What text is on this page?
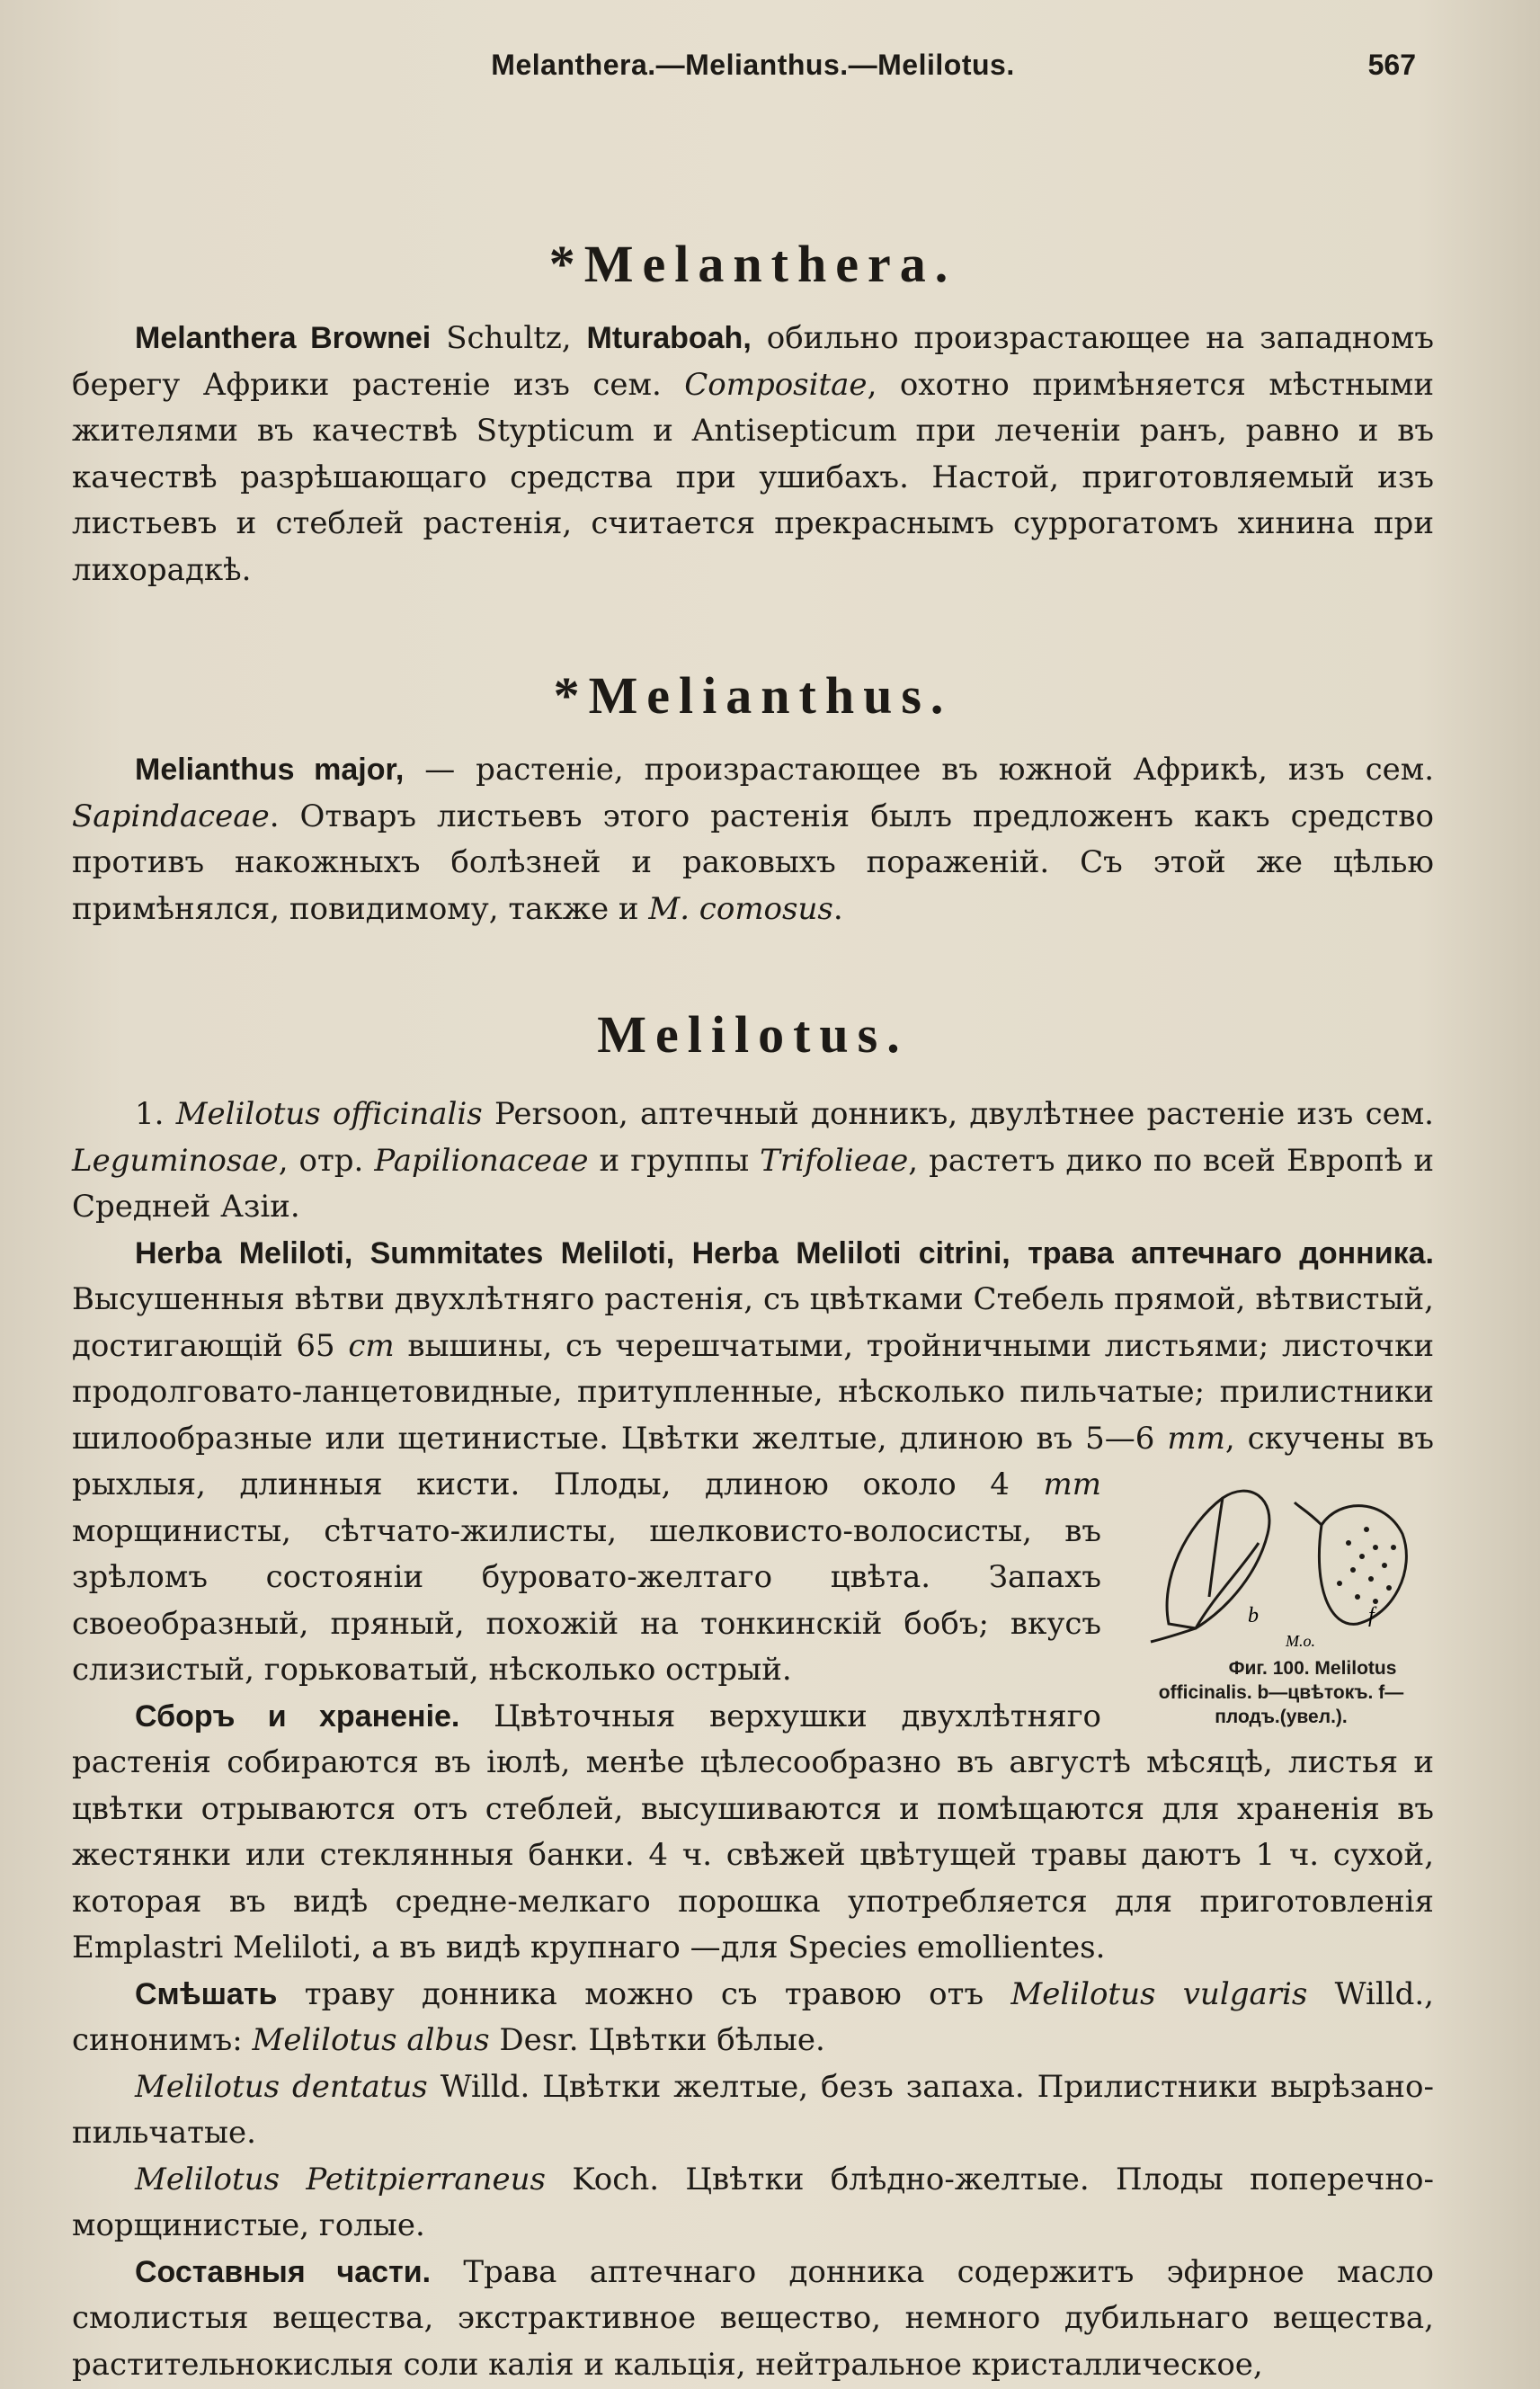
Melanthera.—Melianthus.—Melilotus.	567
*Melanthera.

Melanthera Brownei Schultz, Mturaboah, обильно произрастающее на западномъ берегу Африки растеніе изъ сем. Compositae, охотно примѣняется мѣстными жителями въ качествѣ Stypticum и Antisepticum при леченіи ранъ, равно и въ качествѣ разрѣшающаго средства при ушибахъ. Настой, приготовляемый изъ листьевъ и стеблей растенія, считается прекраснымъ суррогатомъ хинина при лихорадкѣ.

*Melianthus.

Melianthus major, — растеніе, произрастающее въ южной Африкѣ, изъ сем. Sapindaceae. Отваръ листьевъ этого растенія былъ предложенъ какъ средство противъ накожныхъ болѣзней и раковыхъ пораженій. Съ этой же цѣлью примѣнялся, повидимому, также и M. comosus.

Melilotus.

1. Melilotus officinalis Persoon, аптечный донникъ, двулѣтнее растеніе изъ сем. Leguminosae, отр. Papilionaceae и группы Trifolieae, растетъ дико по всей Европѣ и Средней Азіи.

Herba Meliloti, Summitates Meliloti, Herba Meliloti citrini, трава аптечнаго донника. Высушенныя вѣтви двухлѣтняго растенія, съ цвѣтками Стебель прямой, вѣтвистый, достигающій 65 cm вышины, съ черешчатыми, тройничными листьями; листочки продолговато-ланцетовидные, притупленные, нѣсколько пильчатые; прилистники шилообразные или щетинистые. Цвѣтки желтые, длиною въ 5—6
b	f
M.o.
Фиг. 100. Melilotus officinalis. b—цвѣтокъ. f—плодъ.(увел.).
mm, скучены въ рыхлыя, длинныя кисти. Плоды, длиною около 4 mm морщинисты, сѣтчато-жилисты, шелковисто-волосисты, въ зрѣломъ состояніи буровато-желтаго цвѣта. Запахъ своеобразный, пряный, похожій на тонкинскій бобъ; вкусъ слизистый, горьковатый, нѣсколько острый.

Сборъ и храненіе. Цвѣточныя верхушки двухлѣтняго растенія собираются въ іюлѣ, менѣе цѣлесообразно въ августѣ мѣсяцѣ, листья и цвѣтки отрываются отъ стеблей, высушиваются и помѣщаются для храненія въ жестянки или стеклянныя банки. 4 ч. свѣжей цвѣтущей травы даютъ 1 ч. сухой, которая въ видѣ средне-мелкаго порошка употребляется для приготовленія Emplastri Meliloti, а въ видѣ крупнаго —для Species emollientes.

Смѣшать траву донника можно съ травою отъ Melilotus vulgaris Willd., синонимъ: Melilotus albus Desr. Цвѣтки бѣлые.

Melilotus dentatus Willd. Цвѣтки желтые, безъ запаха. Прилистники вырѣзано-пильчатые.

Melilotus Petitpierraneus Koch. Цвѣтки блѣдно-желтые. Плоды поперечно-морщинистые, голые.

Составныя части. Трава аптечнаго донника содержитъ эфирное масло смолистыя вещества, экстрактивное вещество, немного дубильнаго вещества, растительнокислыя соли калія и кальція, нейтральное кристаллическое,
